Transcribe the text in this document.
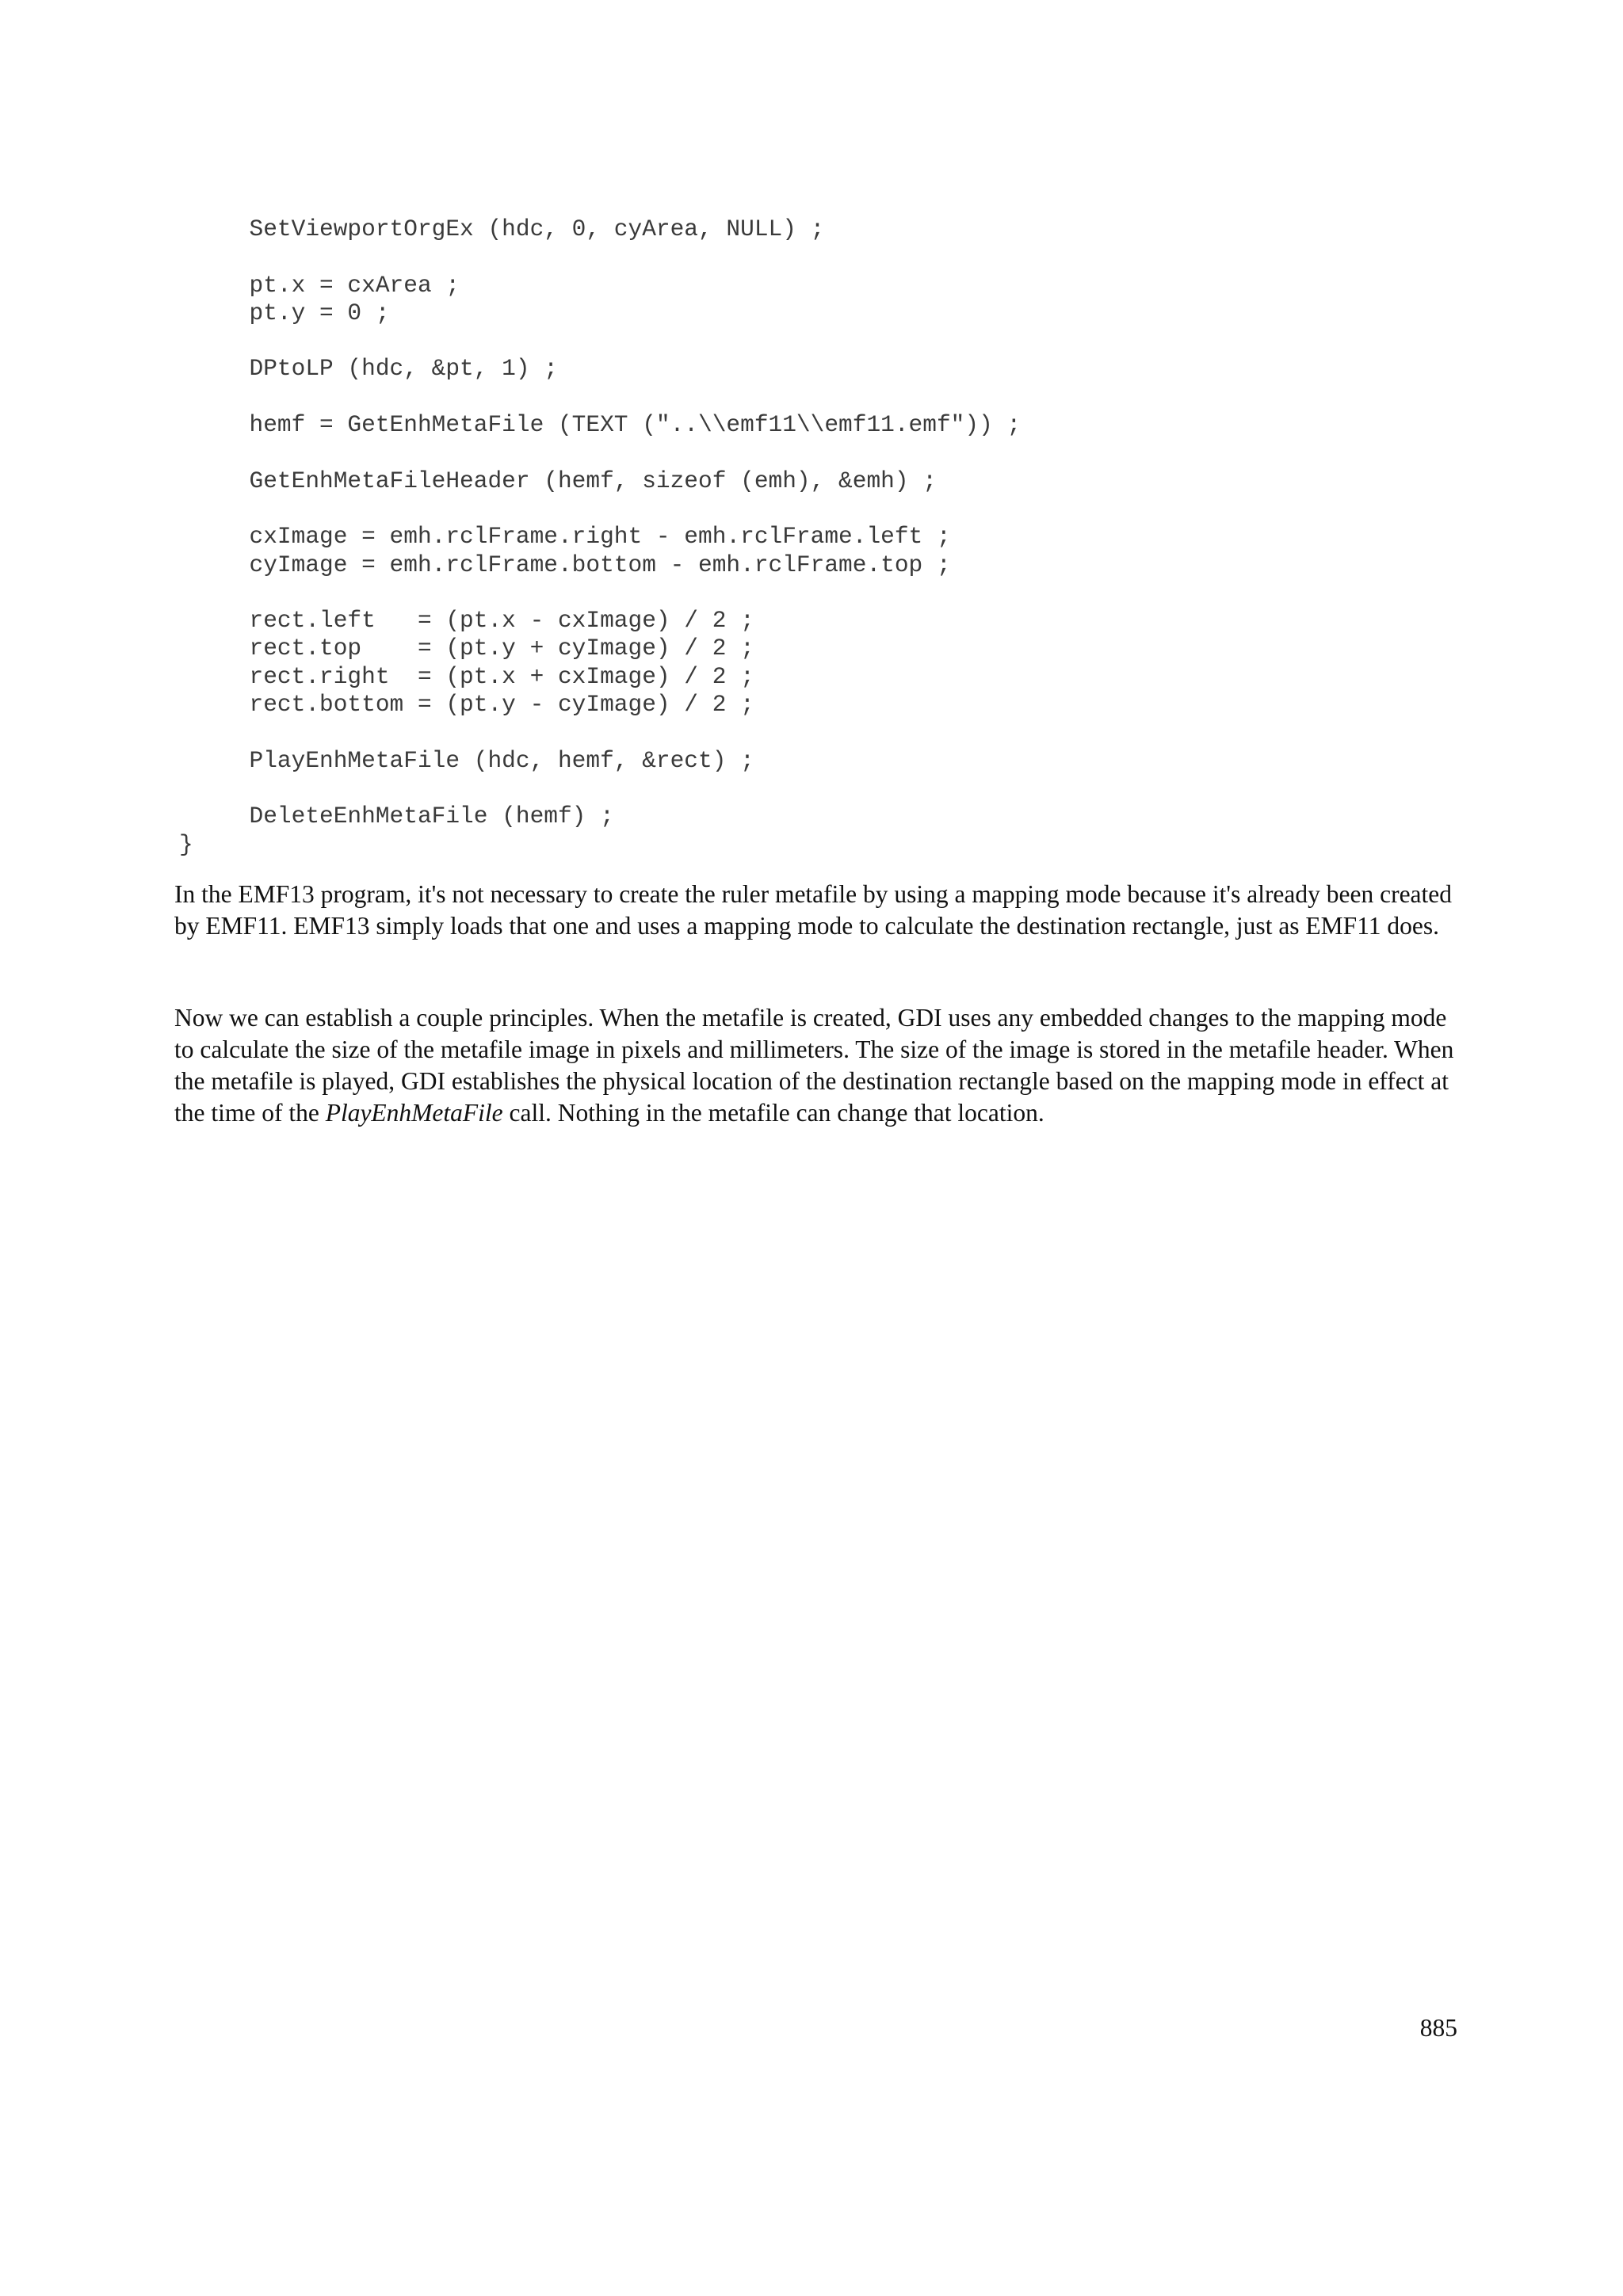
SetViewportOrgEx (hdc, 0, cyArea, NULL) ;
pt.x = cxArea ;
pt.y = 0 ;
DPtoLP (hdc, &pt, 1) ;
hemf = GetEnhMetaFile (TEXT ("..\\emf11\\emf11.emf")) ;
GetEnhMetaFileHeader (hemf, sizeof (emh), &emh) ;
cxImage = emh.rclFrame.right - emh.rclFrame.left ;
cyImage = emh.rclFrame.bottom - emh.rclFrame.top ;
rect.left   = (pt.x - cxImage) / 2 ;
rect.top    = (pt.y + cyImage) / 2 ;
rect.right  = (pt.x + cxImage) / 2 ;
rect.bottom = (pt.y - cyImage) / 2 ;
PlayEnhMetaFile (hdc, hemf, &rect) ;
DeleteEnhMetaFile (hemf) ;
}

In the EMF13 program, it's not necessary to create the ruler metafile by using a mapping mode because it's already been created by EMF11. EMF13 simply loads that one and uses a mapping mode to calculate the destination rectangle, just as EMF11 does.

Now we can establish a couple principles. When the metafile is created, GDI uses any embedded changes to the mapping mode to calculate the size of the metafile image in pixels and millimeters. The size of the image is stored in the metafile header. When the metafile is played, GDI establishes the physical location of the destination rectangle based on the mapping mode in effect at the time of the PlayEnhMetaFile call. Nothing in the metafile can change that location.

885
